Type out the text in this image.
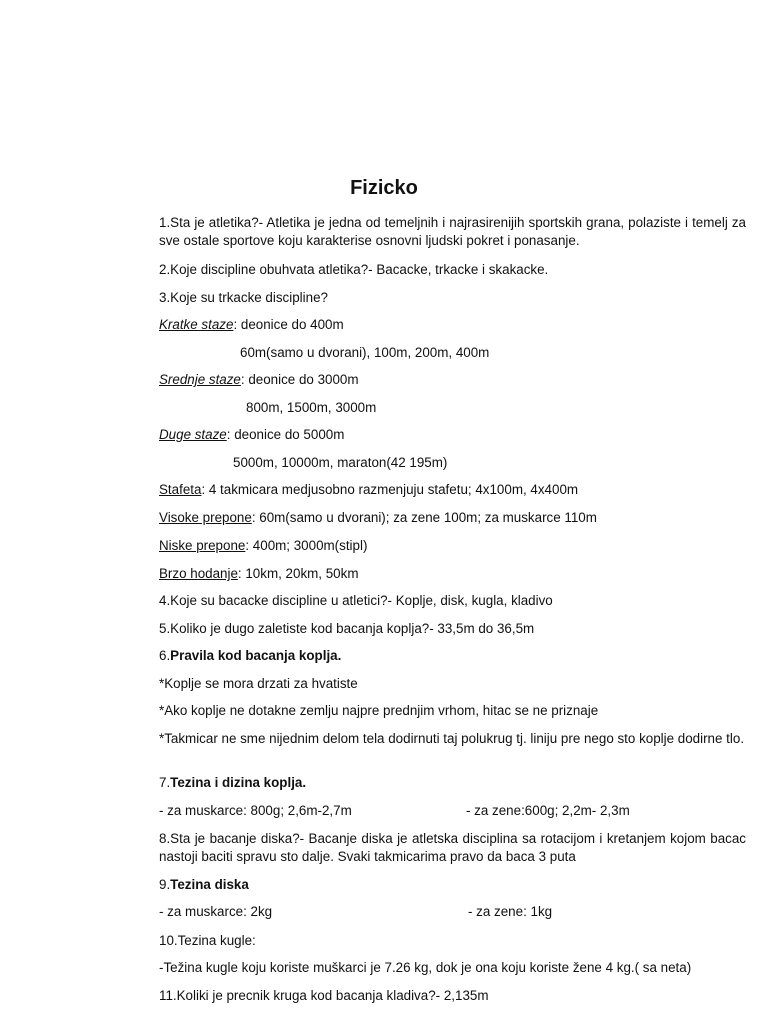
Fizicko

1.Sta je atletika?- Atletika je jedna od temeljnih i najrasirenijih sportskih grana, polaziste i temelj za sve ostale sportove koju karakterise osnovni ljudski pokret i ponasanje.

2.Koje discipline obuhvata atletika?- Bacacke, trkacke i skakacke.

3.Koje su trkacke discipline?

Kratke staze: deonice do 400m

60m(samo u dvorani), 100m, 200m, 400m

Srednje staze: deonice do 3000m

800m, 1500m, 3000m

Duge staze: deonice do 5000m

5000m, 10000m, maraton(42 195m)

Stafeta: 4 takmicara medjusobno razmenjuju stafetu; 4x100m, 4x400m

Visoke prepone: 60m(samo u dvorani); za zene 100m; za muskarce 110m

Niske prepone: 400m; 3000m(stipl)

Brzo hodanje: 10km, 20km, 50km

4.Koje su bacacke discipline u atletici?- Koplje, disk, kugla, kladivo

5.Koliko je dugo zaletiste kod bacanja koplja?- 33,5m do 36,5m

6.Pravila kod bacanja koplja.

*Koplje se mora drzati za hvatiste

*Ako koplje ne dotakne zemlju najpre prednjim vrhom, hitac se ne priznaje

*Takmicar ne sme nijednim delom tela dodirnuti taj polukrug tj. liniju pre nego sto koplje dodirne tlo.

7.Tezina i dizina koplja.

- za muskarce: 800g; 2,6m-2,7m	- za zene:600g; 2,2m- 2,3m

8.Sta je bacanje diska?- Bacanje diska je atletska disciplina sa rotacijom i kretanjem kojom bacac nastoji baciti spravu sto dalje. Svaki takmicarima pravo da baca 3 puta

9.Tezina diska

- za muskarce: 2kg	- za zene: 1kg

10.Tezina kugle:

-Težina kugle koju koriste muškarci je 7.26 kg, dok je ona koju koriste žene 4 kg.( sa neta)

11.Koliki je precnik kruga kod bacanja kladiva?- 2,135m
